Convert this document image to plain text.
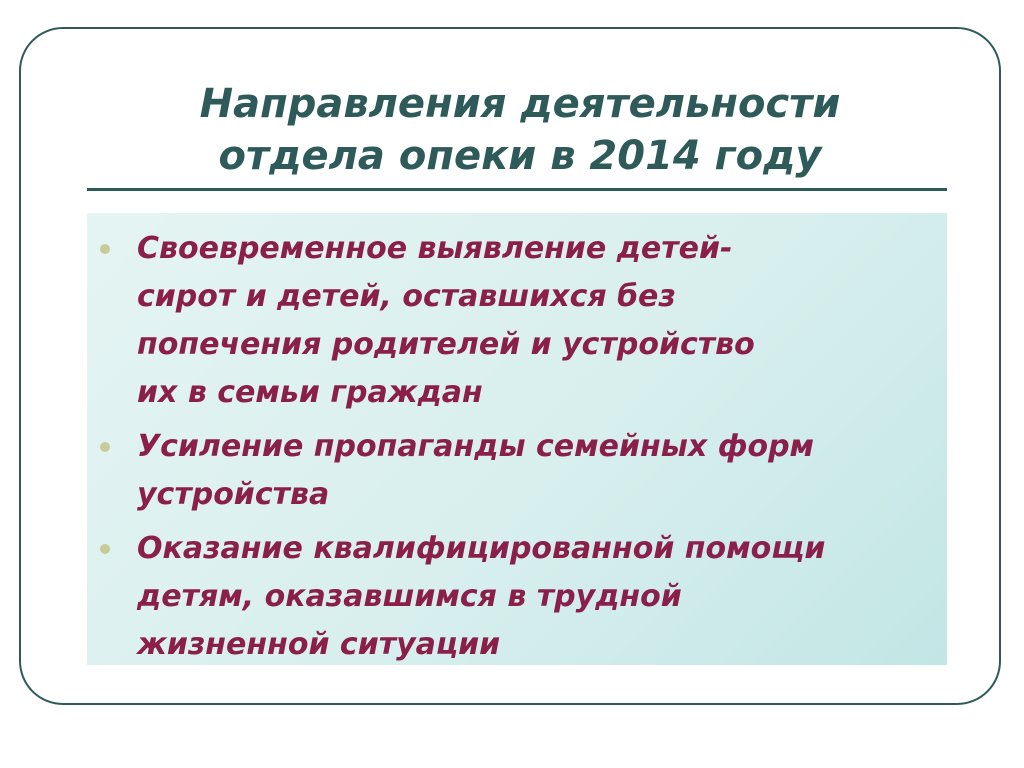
Направления деятельности
отдела опеки в 2014 году
Своевременное выявление детей-
сирот и детей, оставшихся без
попечения родителей и устройство
их в семьи граждан
Усиление пропаганды семейных форм
устройства
Оказание квалифицированной помощи
детям, оказавшимся в трудной
жизненной ситуации
